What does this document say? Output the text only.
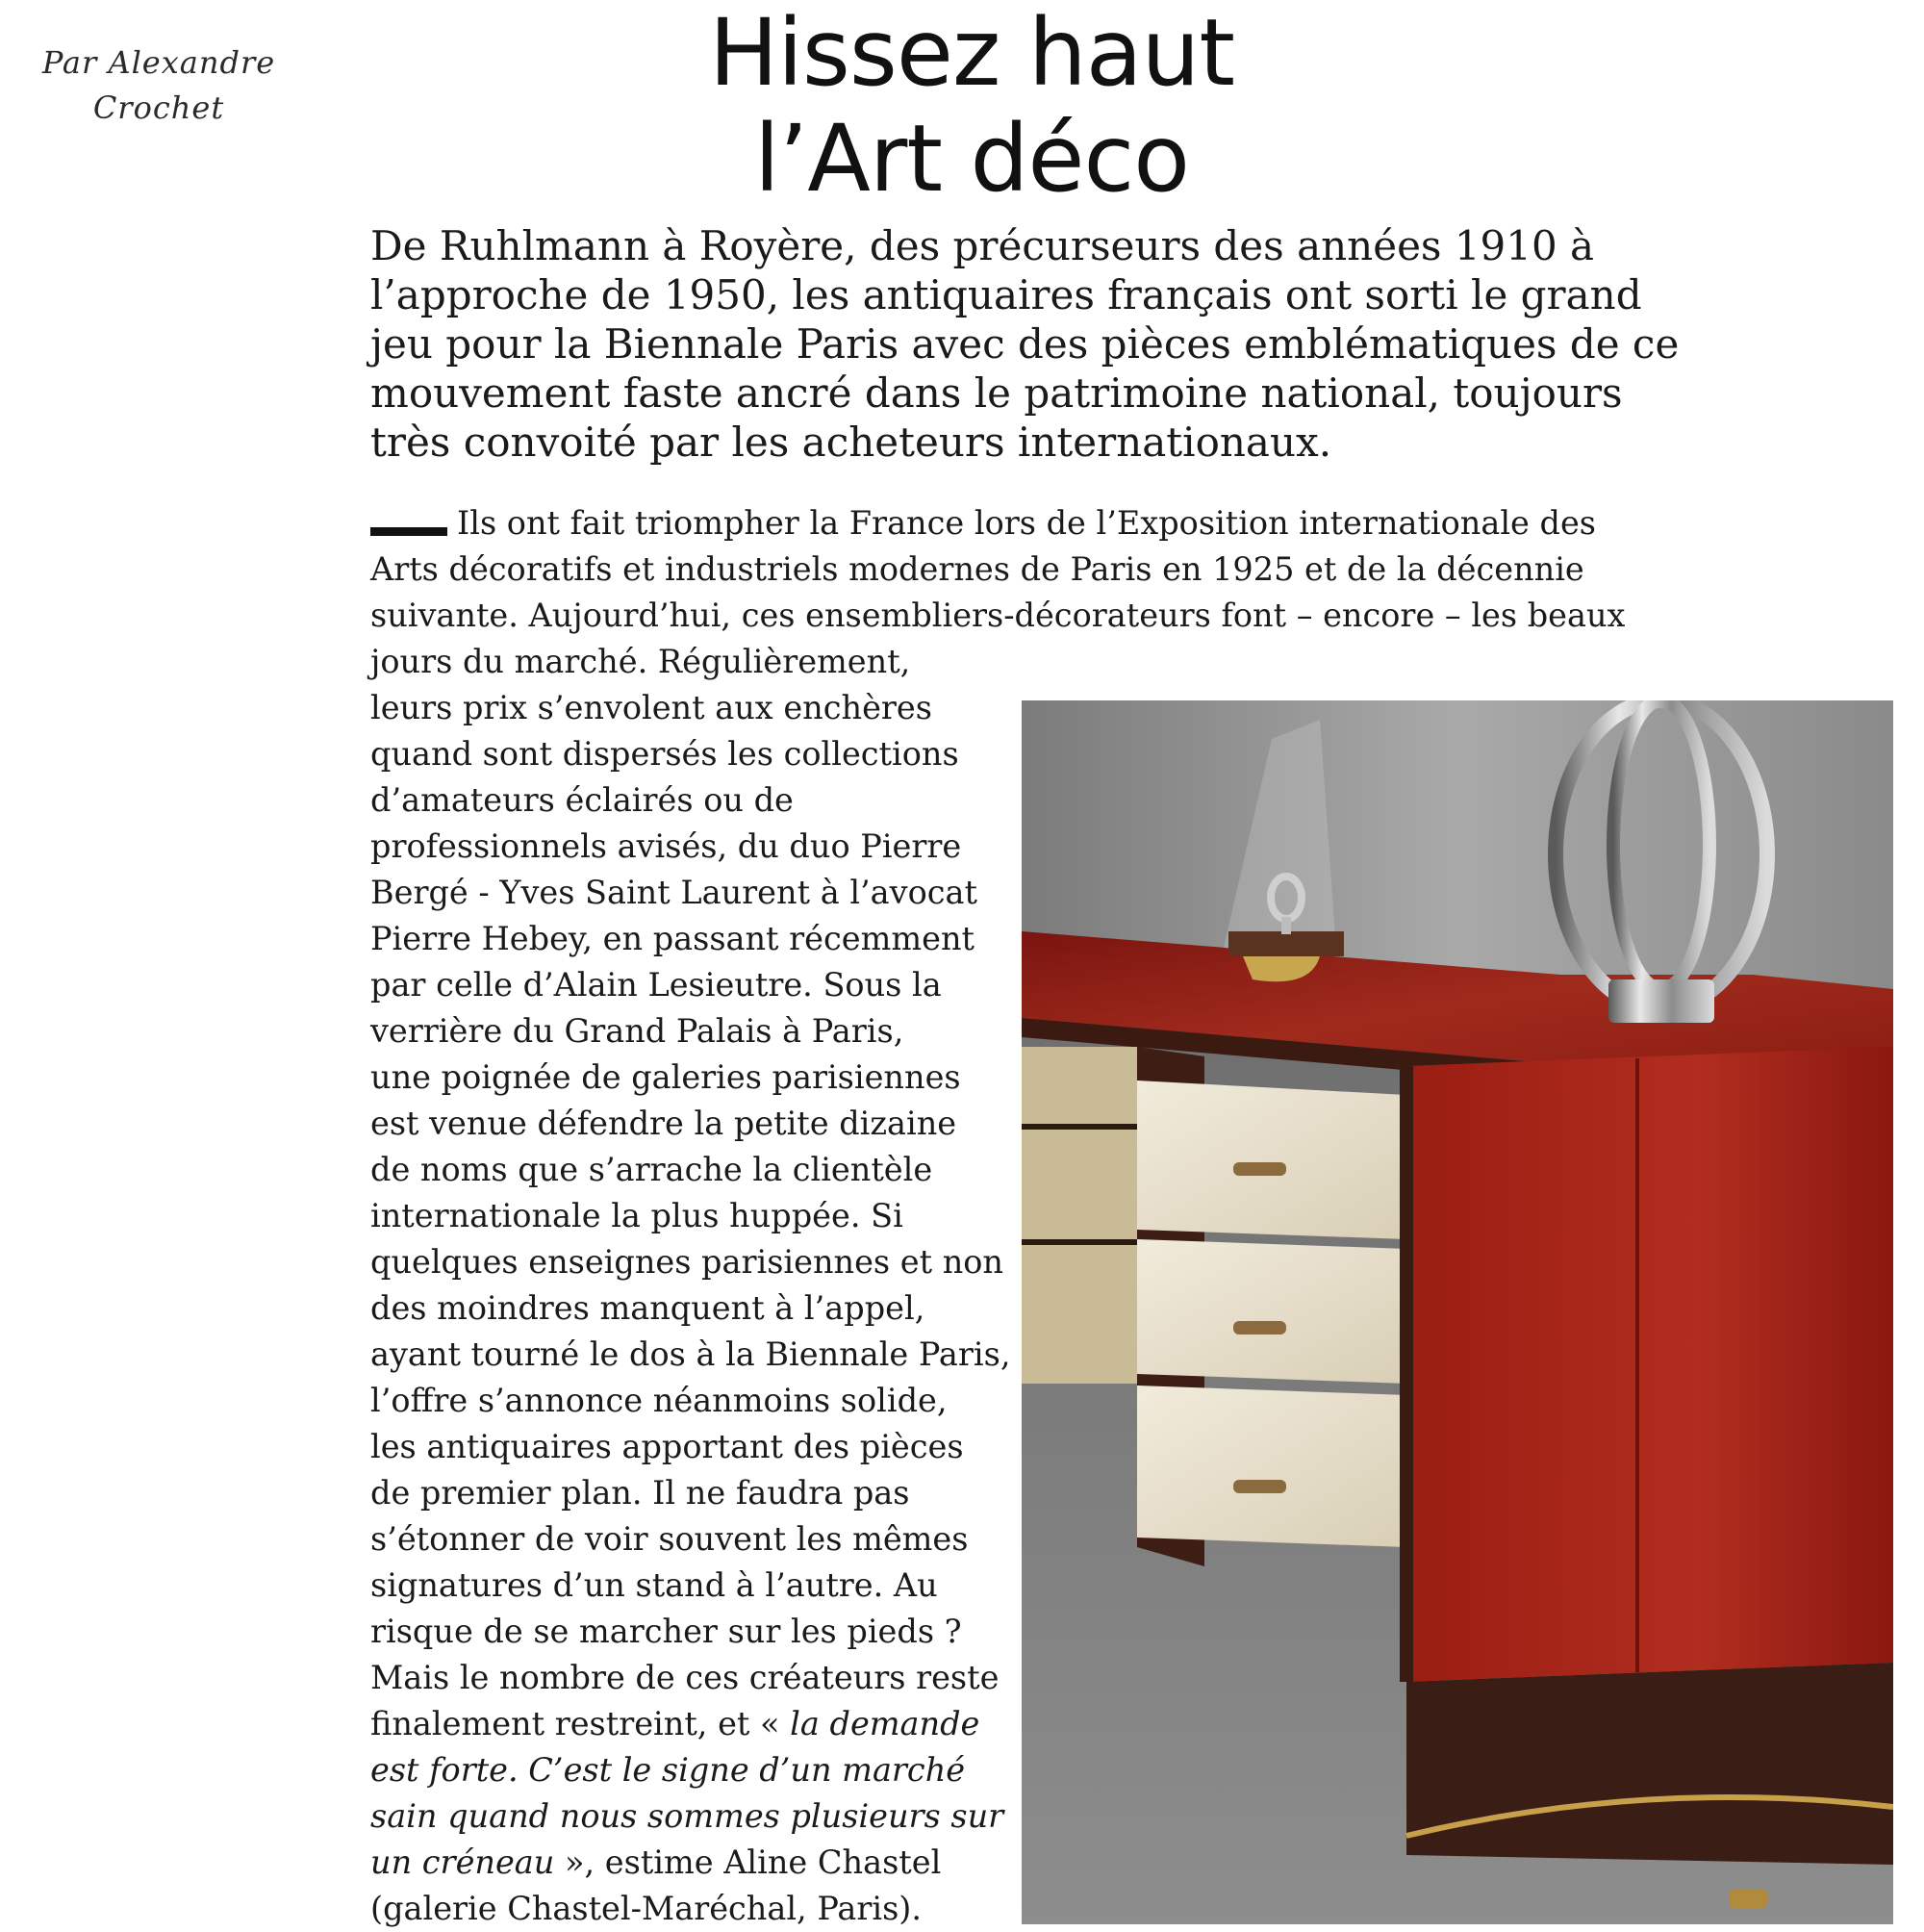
Par Alexandre
Crochet
Hissez haut
l’Art déco

De Ruhlmann à Royère, des précurseurs des années 1910 à
l’approche de 1950, les antiquaires français ont sorti le grand
jeu pour la Biennale Paris avec des pièces emblématiques de ce
mouvement faste ancré dans le patrimoine national, toujours
très convoité par les acheteurs internationaux.

Ils ont fait triompher la France lors de l’Exposition internationale des
Arts décoratifs et industriels modernes de Paris en 1925 et de la décennie
suivante. Aujourd’hui, ces ensembliers-décorateurs font – encore – les beaux
jours du marché. Régulièrement,
leurs prix s’envolent aux enchères
quand sont dispersés les collections
d’amateurs éclairés ou de
professionnels avisés, du duo Pierre
Bergé - Yves Saint Laurent à l’avocat
Pierre Hebey, en passant récemment
par celle d’Alain Lesieutre. Sous la
verrière du Grand Palais à Paris,
une poignée de galeries parisiennes
est venue défendre la petite dizaine
de noms que s’arrache la clientèle
internationale la plus huppée. Si
quelques enseignes parisiennes et non
des moindres manquent à l’appel,
ayant tourné le dos à la Biennale Paris,
l’offre s’annonce néanmoins solide,
les antiquaires apportant des pièces
de premier plan. Il ne faudra pas
s’étonner de voir souvent les mêmes
signatures d’un stand à l’autre. Au
risque de se marcher sur les pieds ?
Mais le nombre de ces créateurs reste
finalement restreint, et « la demande
est forte. C’est le signe d’un marché
sain quand nous sommes plusieurs sur
un créneau », estime Aline Chastel
(galerie Chastel-Maréchal, Paris).
